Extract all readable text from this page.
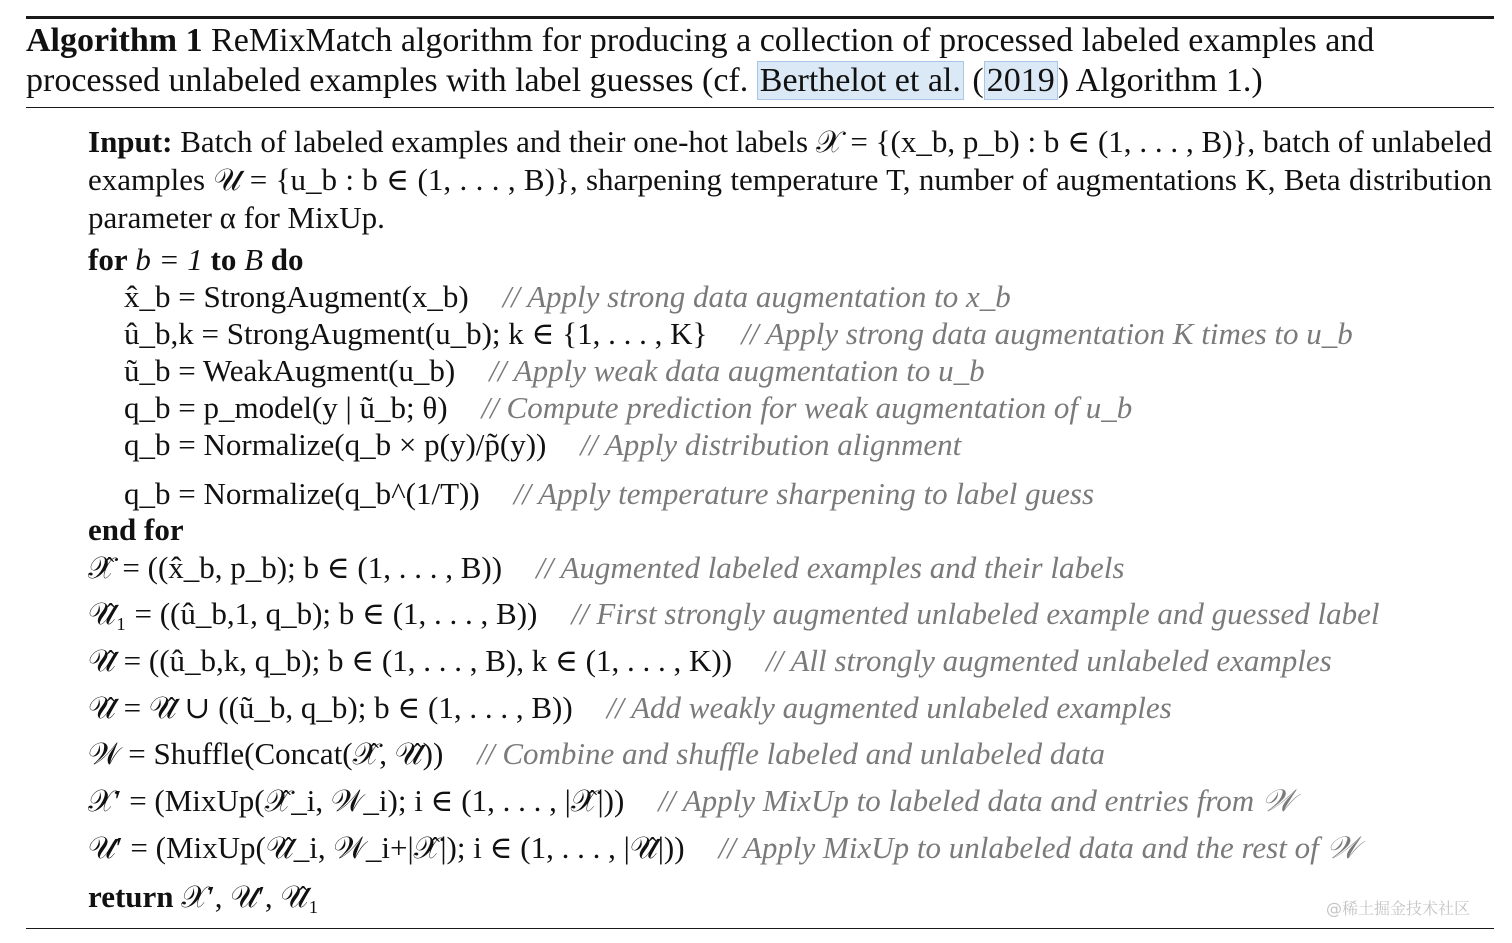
Algorithm 1 ReMixMatch algorithm for producing a collection of processed labeled examples and
processed unlabeled examples with label guesses (cf. Berthelot et al. (2019) Algorithm 1.)
Input: Batch of labeled examples and their one-hot labels 𝒳 = {(x_b, p_b) : b ∈ (1, . . . , B)}, batch of unlabeled examples 𝒰 = {u_b : b ∈ (1, . . . , B)}, sharpening temperature T, number of augmentations K, Beta distribution parameter α for MixUp.
for b = 1 to B do
x̂_b = StrongAugment(x_b) // Apply strong data augmentation to x_b
û_b,k = StrongAugment(u_b); k ∈ {1, . . . , K} // Apply strong data augmentation K times to u_b
ũ_b = WeakAugment(u_b) // Apply weak data augmentation to u_b
q_b = p_model(y | ũ_b; θ) // Compute prediction for weak augmentation of u_b
q_b = Normalize(q_b × p(y)/p̃(y)) // Apply distribution alignment
q_b = Normalize(q_b^(1/T)) // Apply temperature sharpening to label guess
end for
𝒳̂ = ((x̂_b, p_b); b ∈ (1, . . . , B)) // Augmented labeled examples and their labels
𝒰̂₁ = ((û_b,1, q_b); b ∈ (1, . . . , B)) // First strongly augmented unlabeled example and guessed label
𝒰̂ = ((û_b,k, q_b); b ∈ (1, . . . , B), k ∈ (1, . . . , K)) // All strongly augmented unlabeled examples
𝒰̂ = 𝒰̂ ∪ ((ũ_b, q_b); b ∈ (1, . . . , B)) // Add weakly augmented unlabeled examples
𝒲 = Shuffle(Concat(𝒳̂, 𝒰̂)) // Combine and shuffle labeled and unlabeled data
𝒳′ = (MixUp(𝒳̂_i, 𝒲_i); i ∈ (1, . . . , |𝒳̂|)) // Apply MixUp to labeled data and entries from 𝒲
𝒰′ = (MixUp(𝒰̂_i, 𝒲_i+|𝒳̂|); i ∈ (1, . . . , |𝒰̂|)) // Apply MixUp to unlabeled data and the rest of 𝒲
return 𝒳′, 𝒰′, 𝒰̂₁	@稀土掘金技术社区
